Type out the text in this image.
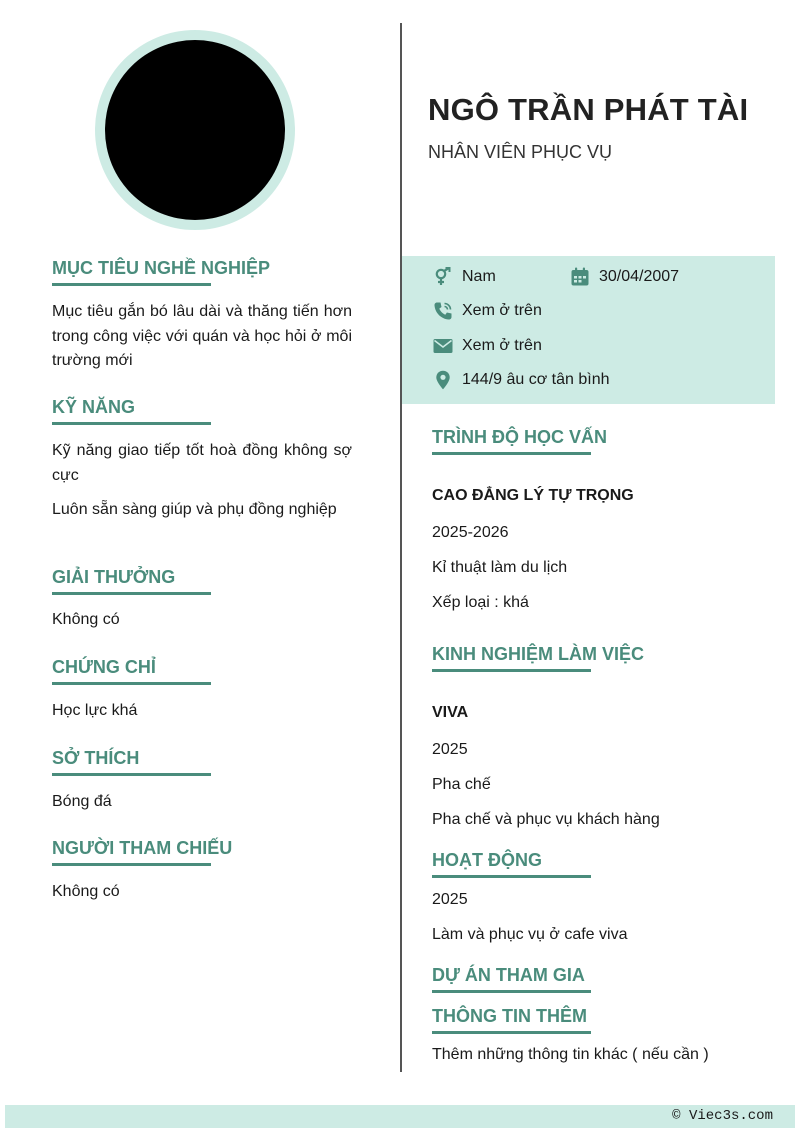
MỤC TIÊU NGHỀ NGHIỆP
Mục tiêu gắn bó lâu dài và thăng tiến hơn trong công việc với quán và học hỏi ở môi trường mới
KỸ NĂNG
Kỹ năng giao tiếp tốt hoà đồng không sợ cực
Luôn sẵn sàng giúp và phụ đồng nghiệp
GIẢI THƯỞNG
Không có
CHỨNG CHỈ
Học lực khá
SỞ THÍCH
Bóng đá
NGƯỜI THAM CHIẾU
Không có
NGÔ TRẦN PHÁT TÀI
NHÂN VIÊN PHỤC VỤ
Nam	30/04/2007
Xem ở trên
Xem ở trên
144/9 âu cơ tân bình
TRÌNH ĐỘ HỌC VẤN
CAO ĐẲNG LÝ TỰ TRỌNG
2025-2026
Kỉ thuật làm du lịch
Xếp loại : khá
KINH NGHIỆM LÀM VIỆC
VIVA
2025
Pha chế
Pha chế và phục vụ khách hàng
HOẠT ĐỘNG
2025
Làm và phục vụ ở cafe viva
DỰ ÁN THAM GIA
THÔNG TIN THÊM
Thêm những thông tin khác ( nếu cần )
© Viec3s.com
